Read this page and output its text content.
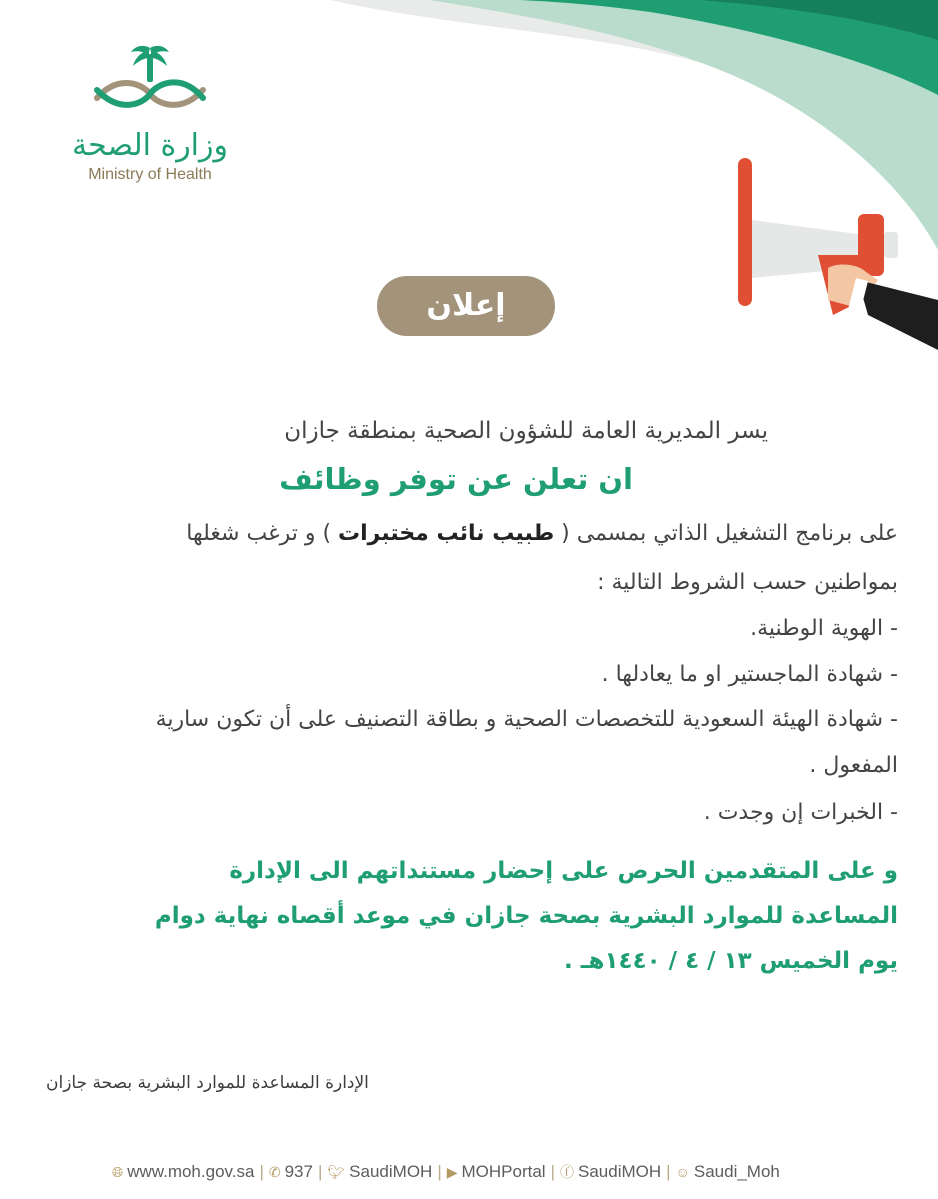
وزارة الصحة
Ministry of Health
إعلان
يسر المديرية العامة للشؤون الصحية بمنطقة جازان
ان تعلن عن توفر وظائف
على برنامج التشغيل الذاتي بمسمى ( طبيب نائب مختبرات ) و ترغب شغلها
بمواطنين حسب الشروط التالية :
- الهوية الوطنية.
- شهادة الماجستير او ما يعادلها .
- شهادة الهيئة السعودية للتخصصات الصحية و بطاقة التصنيف على أن تكون سارية
المفعول .
- الخبرات إن وجدت .
و على المتقدمين الحرص على إحضار مستنداتهم الى الإدارة
المساعدة للموارد البشرية بصحة جازان في موعد أقصاه نهاية دوام
يوم الخميس ١٣ / ٤ / ١٤٤٠هـ .
الإدارة المساعدة للموارد البشرية بصحة جازان
🌐︎ www.moh.gov.sa | ✆ 937 | 🐦︎ SaudiMOH | ▶ MOHPortal | ⓕ SaudiMOH | ☺ Saudi_Moh
